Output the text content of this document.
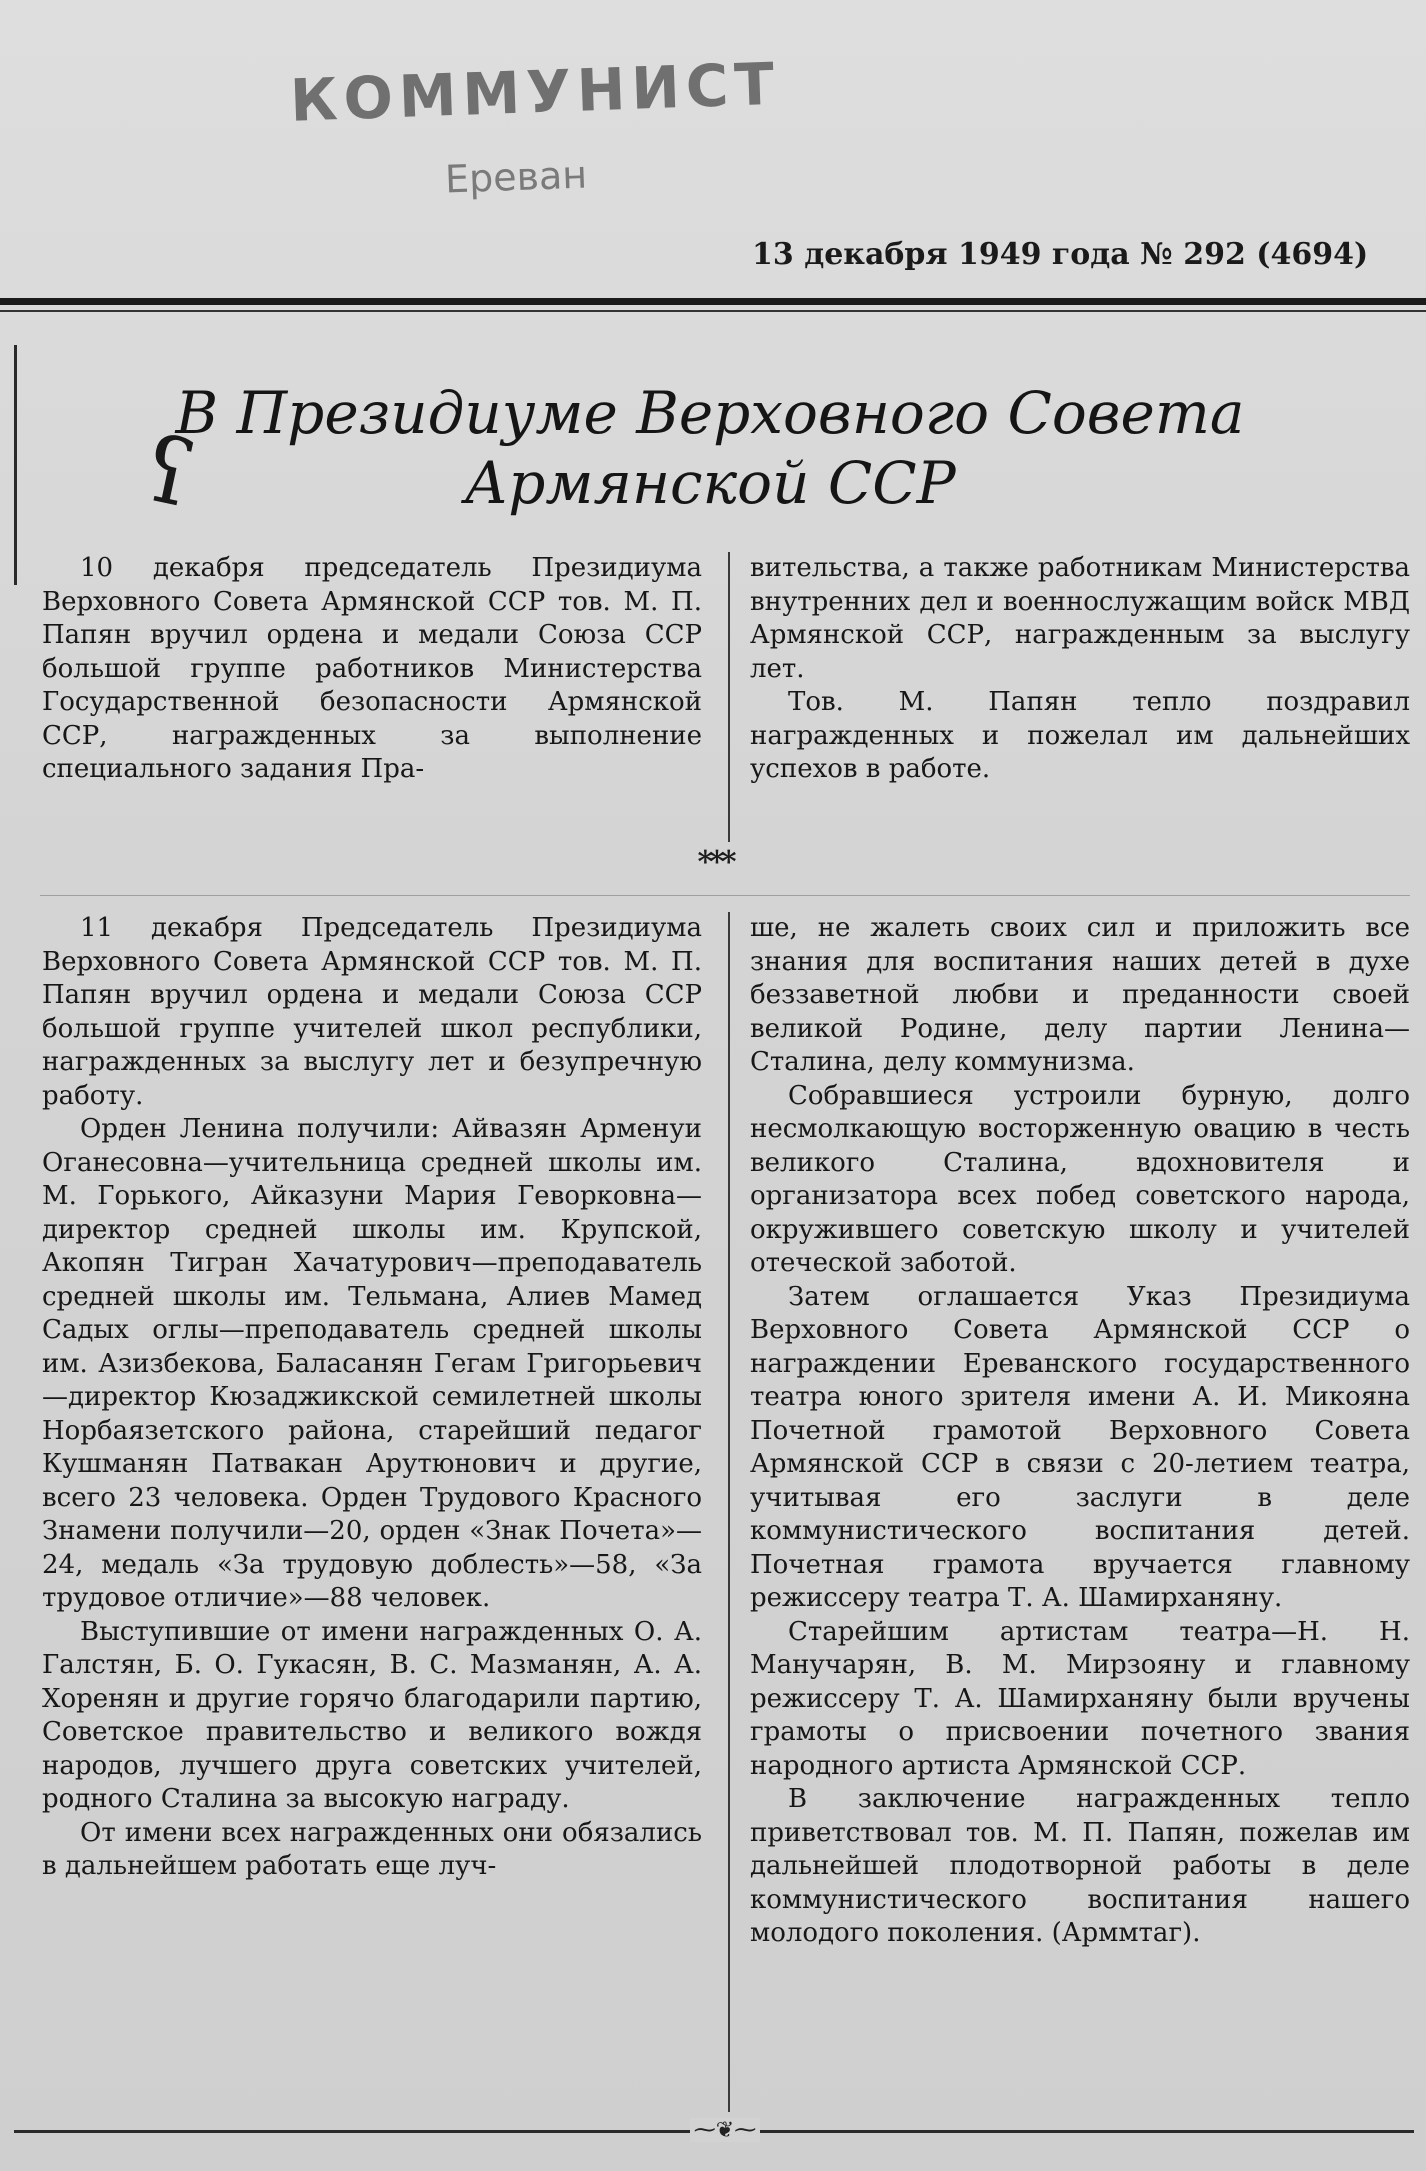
КОММУНИСТ
Ереван
13 декабря 1949 года № 292 (4694)
В Президиуме Верховного Совета
Армянской ССР
ʕ

10 декабря председатель Президиума Верховного Совета Армянской ССР тов. М. П. Папян вручил ордена и медали Союза ССР большой группе работников Министерства Государственной безопасности Армянской ССР, награжденных за выполнение специального задания Пра-

вительства, а также работникам Министерства внутренних дел и военнослужащим войск МВД Армянской ССР, награжденным за выслугу лет.

Тов. М. Папян тепло поздравил награжденных и пожелал им дальнейших успехов в работе.

***

11 декабря Председатель Президиума Верховного Совета Армянской ССР тов. М. П. Папян вручил ордена и медали Союза ССР большой группе учителей школ республики, награжденных за выслугу лет и безупречную работу.

Орден Ленина получили: Айвазян Арменуи Оганесовна—учительница средней школы им. М. Горького, Айказуни Мария Геворковна—директор средней школы им. Крупской, Акопян Тигран Хачатурович—преподаватель средней школы им. Тельмана, Алиев Мамед Садых оглы—преподаватель средней школы им. Азизбекова, Баласанян Гегам Григорьевич—директор Кюзаджикской семилетней школы Норбаязетского района, старейший педагог Кушманян Патвакан Арутюнович и другие, всего 23 человека. Орден Трудового Красного Знамени получили—20, орден «Знак Почета»—24, медаль «За трудовую доблесть»—58, «За трудовое отличие»—88 человек.

Выступившие от имени награжденных О. А. Галстян, Б. О. Гукасян, В. С. Мазманян, А. А. Хоренян и другие горячо благодарили партию, Советское правительство и великого вождя народов, лучшего друга советских учителей, родного Сталина за высокую награду.

От имени всех награжденных они обязались в дальнейшем работать еще луч-

ше, не жалеть своих сил и приложить все знания для воспитания наших детей в духе беззаветной любви и преданности своей великой Родине, делу партии Ленина—Сталина, делу коммунизма.

Собравшиеся устроили бурную, долго несмолкающую восторженную овацию в честь великого Сталина, вдохновителя и организатора всех побед советского народа, окружившего советскую школу и учителей отеческой заботой.

Затем оглашается Указ Президиума Верховного Совета Армянской ССР о награждении Ереванского государственного театра юного зрителя имени А. И. Микояна Почетной грамотой Верховного Совета Армянской ССР в связи с 20-летием театра, учитывая его заслуги в деле коммунистического воспитания детей. Почетная грамота вручается главному режиссеру театра Т. А. Шамирханяну.

Старейшим артистам театра—Н. Н. Манучарян, В. М. Мирзояну и главному режиссеру Т. А. Шамирханяну были вручены грамоты о присвоении почетного звания народного артиста Армянской ССР.

В заключение награжденных тепло приветствовал тов. М. П. Папян, пожелав им дальнейшей плодотворной работы в деле коммунистического воспитания нашего молодого поколения. (Арммтаг).

⁓❦⁓
